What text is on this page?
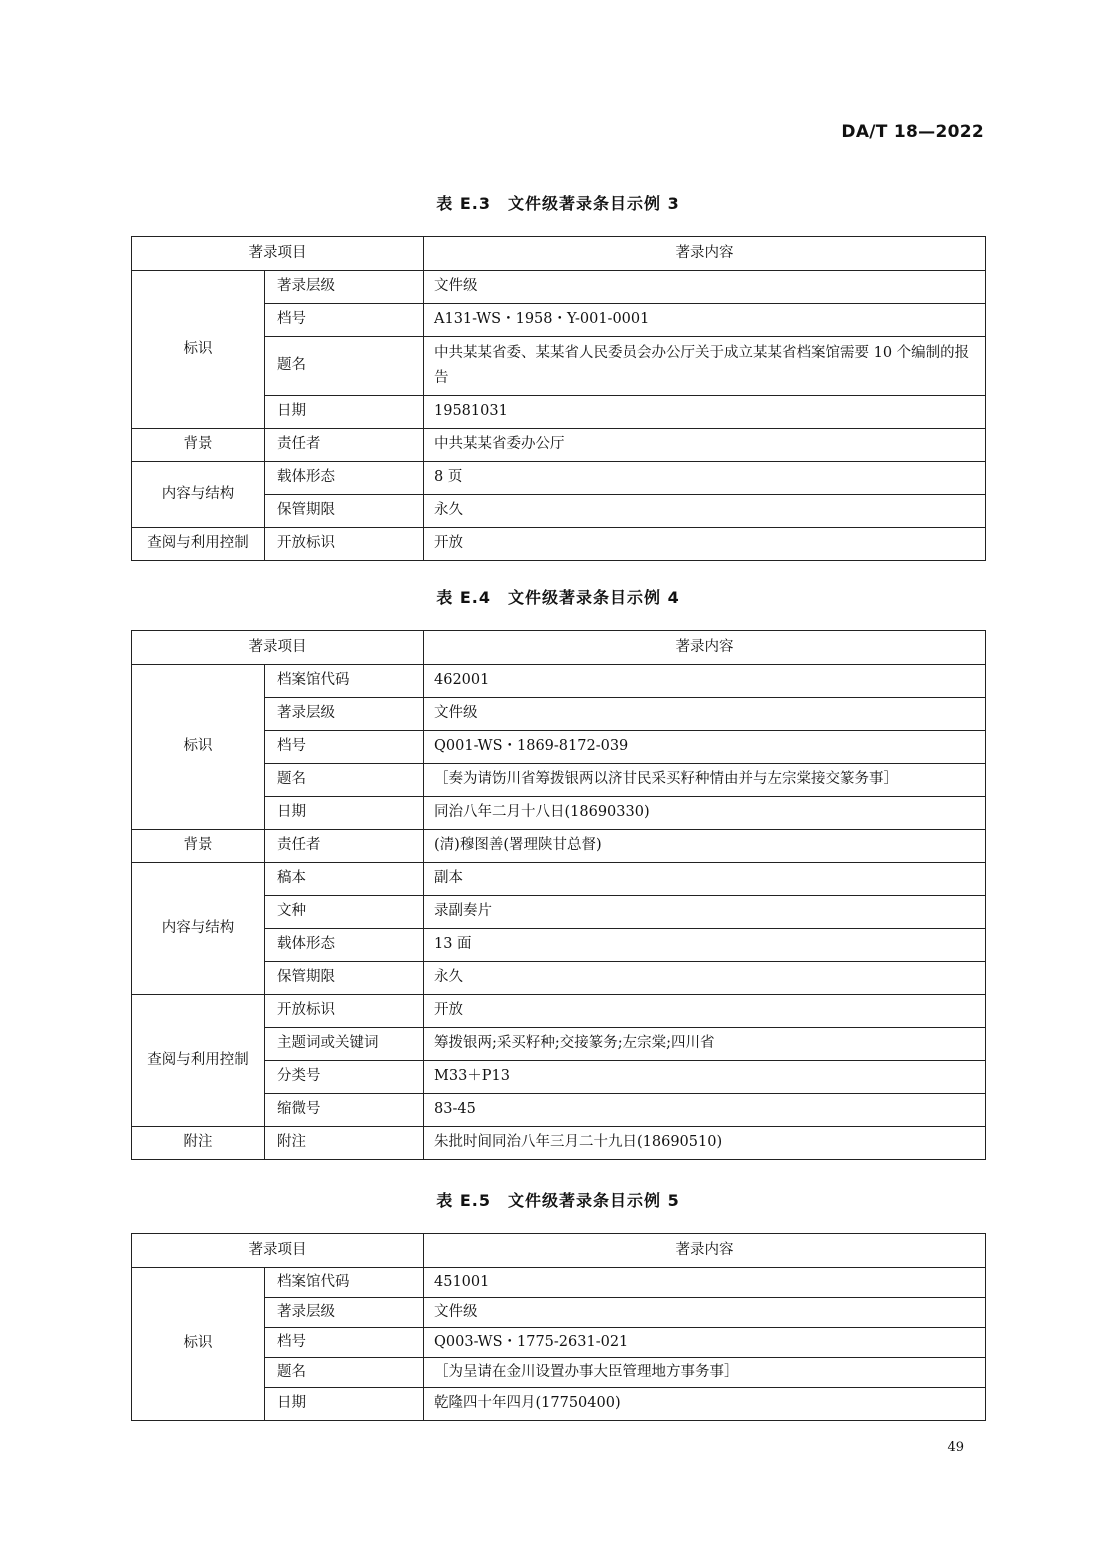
DA/T 18—2022
表 E.3　文件级著录条目示例 3
著录项目		著录内容
标识	著录层级	文件级
	档号	A131-WS・1958・Y-001-0001
	题名	中共某某省委、某某省人民委员会办公厅关于成立某某省档案馆需要 10 个编制的报告
	日期	19581031
背景	责任者	中共某某省委办公厅
内容与结构	载体形态	8 页
	保管期限	永久
查阅与利用控制	开放标识	开放
表 E.4　文件级著录条目示例 4
著录项目		著录内容
标识	档案馆代码	462001
	著录层级	文件级
	档号	Q001-WS・1869-8172-039
	题名	［奏为请饬川省筹拨银两以济甘民采买籽种情由并与左宗棠接交篆务事］
	日期	同治八年二月十八日(18690330)
背景	责任者	(清)穆图善(署理陕甘总督)
内容与结构	稿本	副本
	文种	录副奏片
	载体形态	13 面
	保管期限	永久
查阅与利用控制	开放标识	开放
	主题词或关键词	筹拨银两;采买籽种;交接篆务;左宗棠;四川省
	分类号	M33＋P13
	缩微号	83-45
附注	附注	朱批时间同治八年三月二十九日(18690510)
表 E.5　文件级著录条目示例 5
著录项目		著录内容
标识	档案馆代码	451001
	著录层级	文件级
	档号	Q003-WS・1775-2631-021
	题名	［为呈请在金川设置办事大臣管理地方事务事］
	日期	乾隆四十年四月(17750400)
49
